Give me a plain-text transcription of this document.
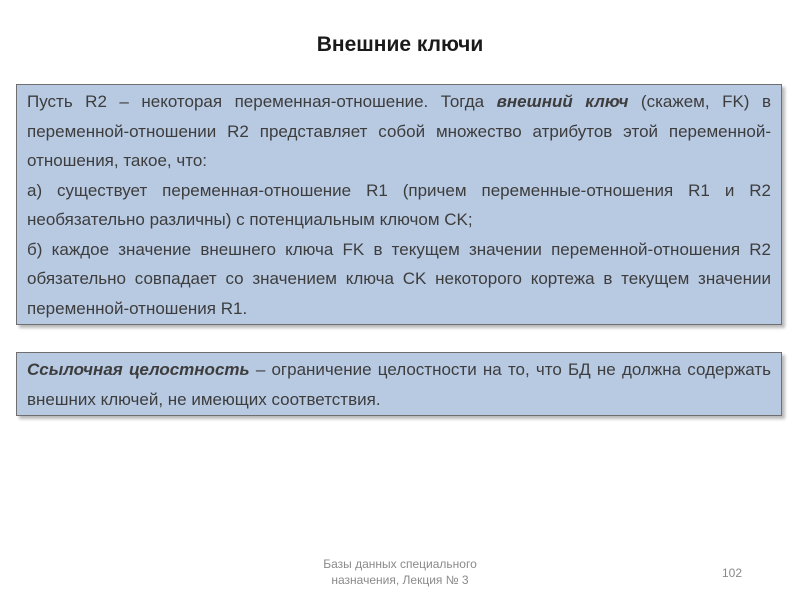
Внешние ключи

Пусть R2 – некоторая переменная-отношение. Тогда внешний ключ (скажем, FK) в переменной-отношении R2 представляет собой множество атрибутов этой переменной-отношения, такое, что:

а) существует переменная-отношение R1 (причем переменные-отношения R1 и R2 необязательно различны) с потенциальным ключом CK;

б) каждое значение внешнего ключа FK в текущем значении переменной-отношения R2 обязательно совпадает со значением ключа CK некоторого кортежа в текущем значении переменной-отношения R1.

Ссылочная целостность – ограничение целостности на то, что БД не должна содержать внешних ключей, не имеющих соответствия.

Базы данных специального
назначения, Лекция № 3	102
